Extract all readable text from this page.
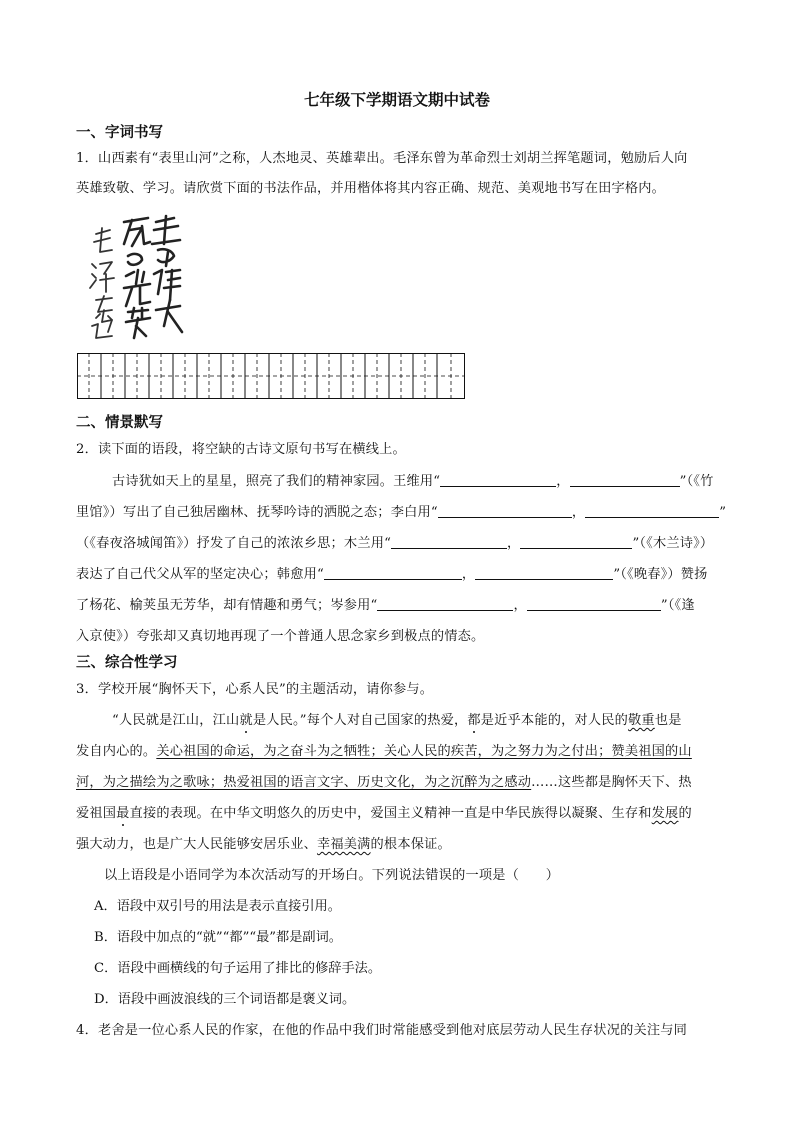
七年级下学期语文期中试卷
一、字词书写
1．山西素有“表里山河”之称，人杰地灵、英雄辈出。毛泽东曾为革命烈士刘胡兰挥笔题词，勉励后人向
英雄致敬、学习。请欣赏下面的书法作品，并用楷体将其内容正确、规范、美观地书写在田字格内。
二、情景默写
2．读下面的语段，将空缺的古诗文原句书写在横线上。
古诗犹如天上的星星，照亮了我们的精神家园。王维用“	，	”（《竹
里馆》）写出了自己独居幽林、抚琴吟诗的洒脱之态；李白用“	，	”
（《春夜洛城闻笛》）抒发了自己的浓浓乡思；木兰用“	，	”（《木兰诗》）
表达了自己代父从军的坚定决心；韩愈用“	，	”（《晚春》）赞扬
了杨花、榆荚虽无芳华，却有情趣和勇气；岑参用“	，	”（《逢
入京使》）夸张却又真切地再现了一个普通人思念家乡到极点的情态。
三、综合性学习
3．学校开展“胸怀天下，心系人民”的主题活动，请你参与。
“人民就是江山，江山就是人民。”每个人对自己国家的热爱，都是近乎本能的，对人民的敬重也是
发自内心的。关心祖国的命运，为之奋斗为之牺牲；关心人民的疾苦，为之努力为之付出；赞美祖国的山
河，为之描绘为之歌咏；热爱祖国的语言文字、历史文化，为之沉醉为之感动……这些都是胸怀天下、热
爱祖国最直接的表现。在中华文明悠久的历史中，爱国主义精神一直是中华民族得以凝聚、生存和发展的
强大动力，也是广大人民能够安居乐业、幸福美满的根本保证。
以上语段是小语同学为本次活动写的开场白。下列说法错误的一项是（　　）
A．语段中双引号的用法是表示直接引用。
B．语段中加点的“就”“都”“最”都是副词。
C．语段中画横线的句子运用了排比的修辞手法。
D．语段中画波浪线的三个词语都是褒义词。
4．老舍是一位心系人民的作家，在他的作品中我们时常能感受到他对底层劳动人民生存状况的关注与同
